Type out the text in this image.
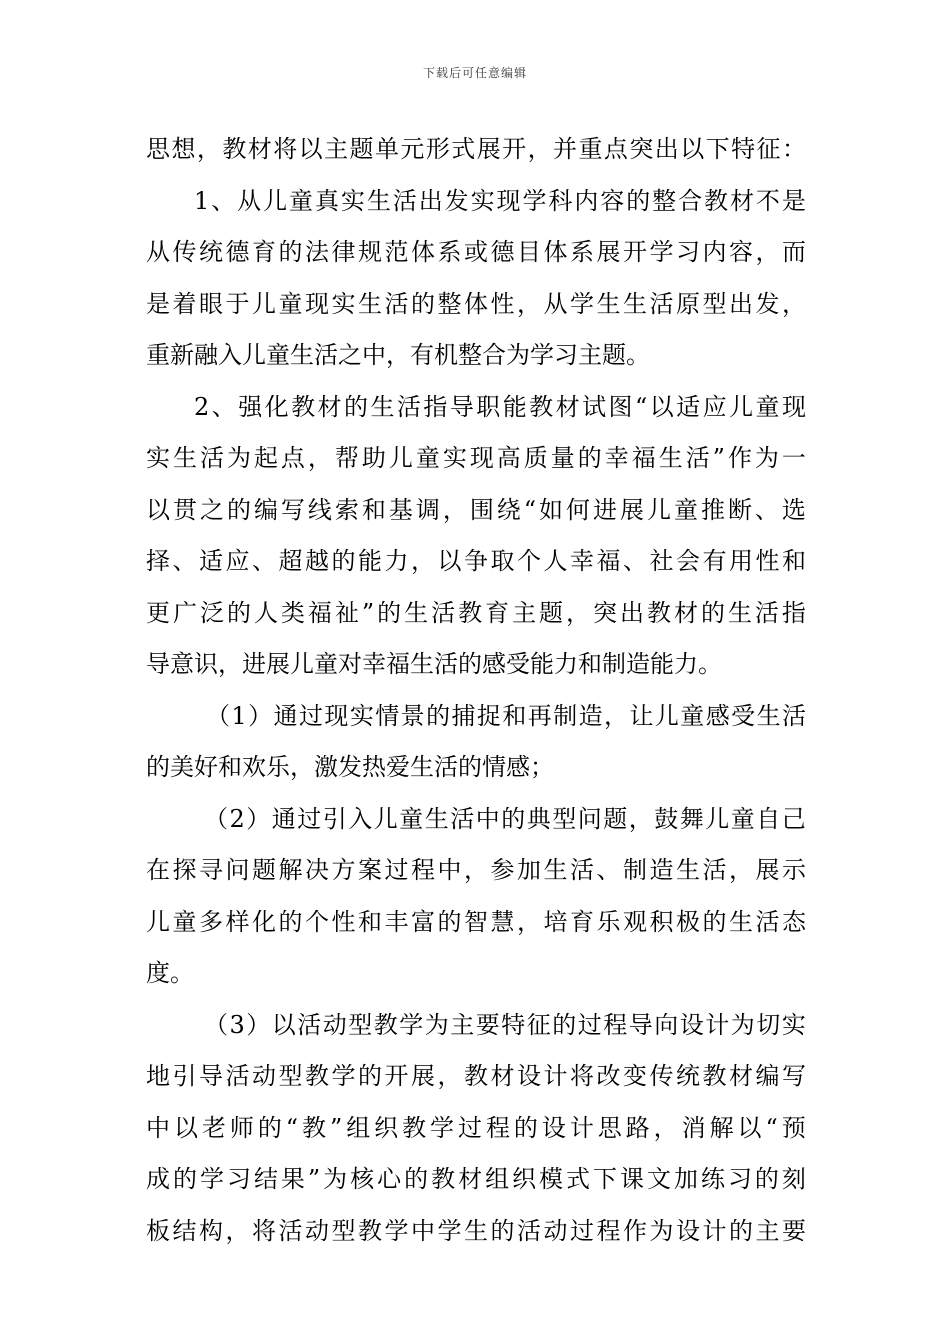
下载后可任意编辑
思 想 ， 教 材 将 以 主 题 单 元 形 式 展 开 ， 并 重 点 突 出 以 下 特 征 ：
1 、 从 儿 童 真 实 生 活 出 发 实 现 学 科 内 容 的 整 合 教 材 不 是
从 传 统 德 育 的 法 律 规 范 体 系 或 德 目 体 系 展 开 学 习 内 容 ， 而
是 着 眼 于 儿 童 现 实 生 活 的 整 体 性 ， 从 学 生 生 活 原 型 出 发 ，
重新融入儿童生活之中，有机整合为学习主题。
2 、 强 化 教 材 的 生 活 指 导 职 能 教 材 试 图 “ 以 适 应 儿 童 现
实 生 活 为 起 点 ， 帮 助 儿 童 实 现 高 质 量 的 幸 福 生 活 ” 作 为 一
以 贯 之 的 编 写 线 索 和 基 调 ， 围 绕 “ 如 何 进 展 儿 童 推 断 、 选
择 、 适 应 、 超 越 的 能 力 ， 以 争 取 个 人 幸 福 、 社 会 有 用 性 和
更 广 泛 的 人 类 福 祉 ” 的 生 活 教 育 主 题 ， 突 出 教 材 的 生 活 指
导意识，进展儿童对幸福生活的感受能力和制造能力。
（ 1 ） 通 过 现 实 情 景 的 捕 捉 和 再 制 造 ， 让 儿 童 感 受 生 活
的美好和欢乐，激发热爱生活的情感；
（ 2 ） 通 过 引 入 儿 童 生 活 中 的 典 型 问 题 ， 鼓 舞 儿 童 自 己
在 探 寻 问 题 解 决 方 案 过 程 中 ， 参 加 生 活 、 制 造 生 活 ， 展 示
儿 童 多 样 化 的 个 性 和 丰 富 的 智 慧 ， 培 育 乐 观 积 极 的 生 活 态
度。
（ 3 ） 以 活 动 型 教 学 为 主 要 特 征 的 过 程 导 向 设 计 为 切 实
地 引 导 活 动 型 教 学 的 开 展 ， 教 材 设 计 将 改 变 传 统 教 材 编 写
中 以 老 师 的 “ 教 ” 组 织 教 学 过 程 的 设 计 思 路 ， 消 解 以 “ 预
成 的 学 习 结 果 ” 为 核 心 的 教 材 组 织 模 式 下 课 文 加 练 习 的 刻
板 结 构 ， 将 活 动 型 教 学 中 学 生 的 活 动 过 程 作 为 设 计 的 主 要
